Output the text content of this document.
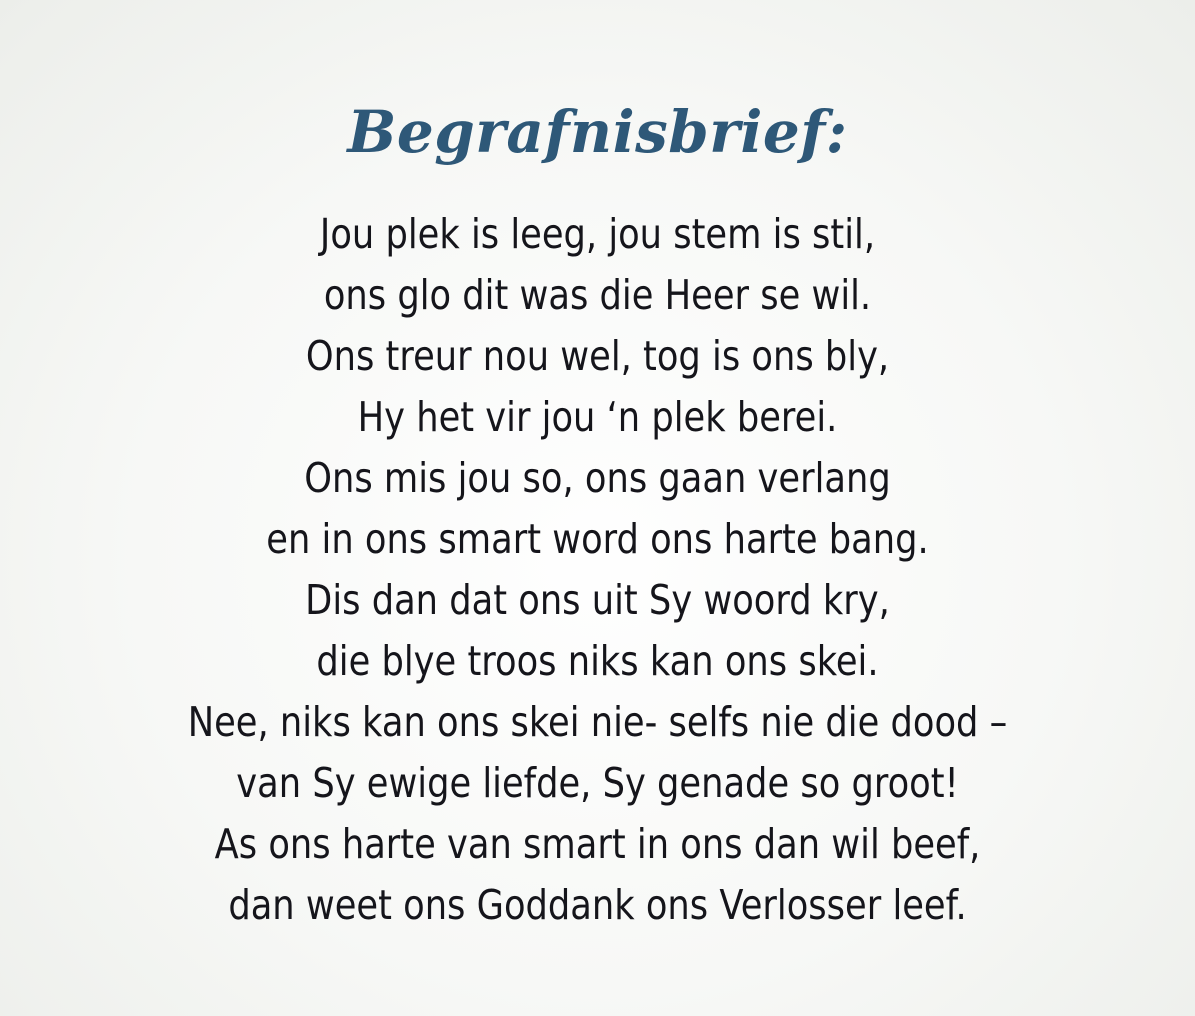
Begrafnisbrief:
Jou plek is leeg, jou stem is stil,
ons glo dit was die Heer se wil.
Ons treur nou wel, tog is ons bly,
Hy het vir jou ‘n plek berei.
Ons mis jou so, ons gaan verlang
en in ons smart word ons harte bang.
Dis dan dat ons uit Sy woord kry,
die blye troos niks kan ons skei.
Nee, niks kan ons skei nie- selfs nie die dood –
van Sy ewige liefde, Sy genade so groot!
As ons harte van smart in ons dan wil beef,
dan weet ons Goddank ons Verlosser leef.
